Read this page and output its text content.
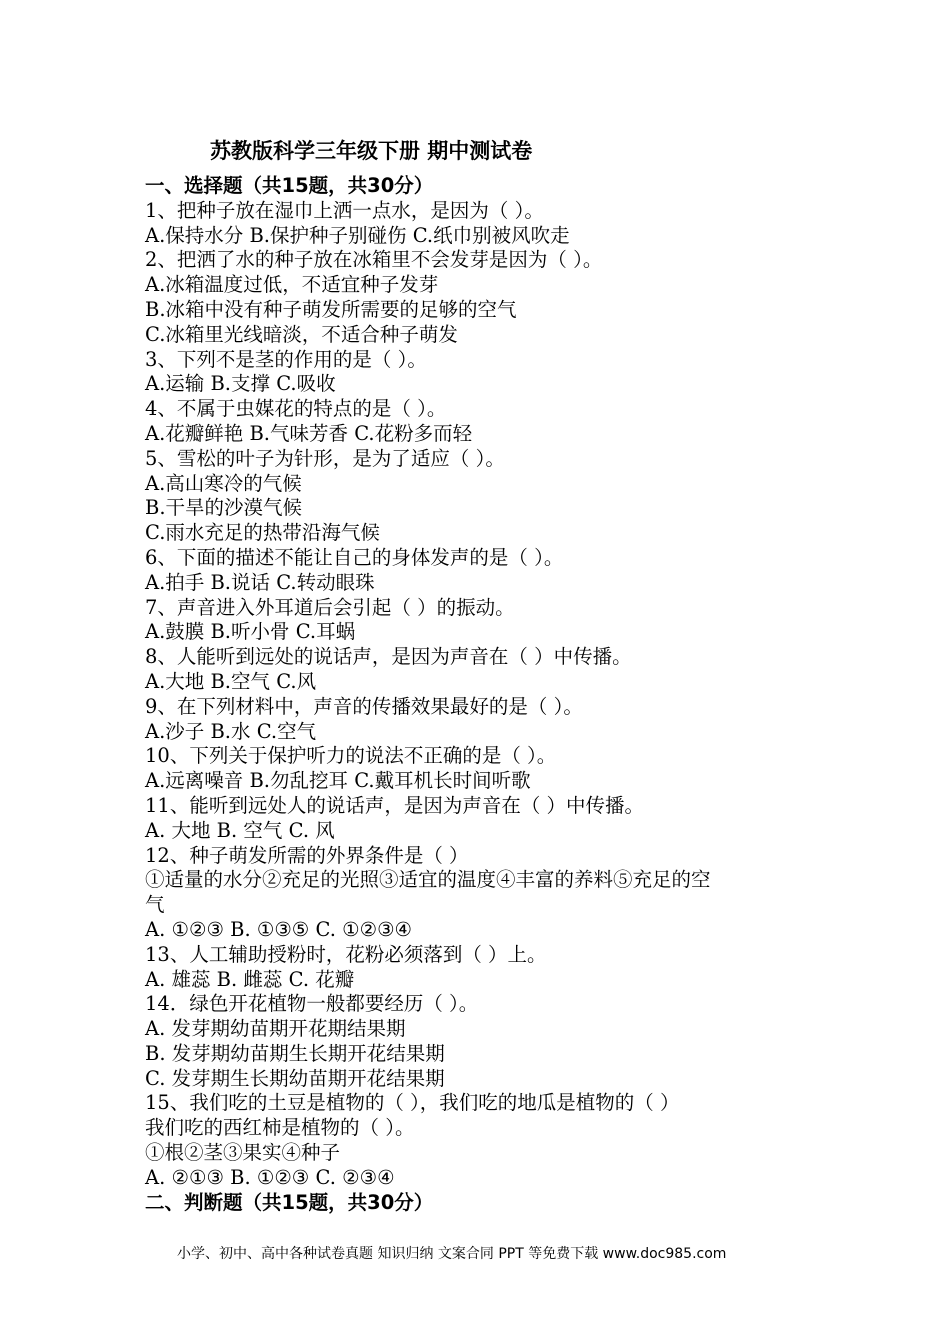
苏教版科学三年级下册 期中测试卷
一、选择题（共15题，共30分）
1、把种子放在湿巾上洒一点水，是因为（ ）。
A.保持水分 B.保护种子别碰伤 C.纸巾别被风吹走
2、把洒了水的种子放在冰箱里不会发芽是因为（ ）。
A.冰箱温度过低，不适宜种子发芽
B.冰箱中没有种子萌发所需要的足够的空气
C.冰箱里光线暗淡，不适合种子萌发
3、下列不是茎的作用的是（ ）。
A.运输 B.支撑 C.吸收
4、不属于虫媒花的特点的是（ ）。
A.花瓣鲜艳 B.气味芳香 C.花粉多而轻
5、雪松的叶子为针形，是为了适应（ ）。
A.高山寒冷的气候
B.干旱的沙漠气候
C.雨水充足的热带沿海气候
6、下面的描述不能让自己的身体发声的是（ ）。
A.拍手 B.说话 C.转动眼珠
7、声音进入外耳道后会引起（ ）的振动。
A.鼓膜 B.听小骨 C.耳蜗
8、人能听到远处的说话声，是因为声音在（ ）中传播。
A.大地 B.空气 C.风
9、在下列材料中，声音的传播效果最好的是（ ）。
A.沙子 B.水 C.空气
10、下列关于保护听力的说法不正确的是（ ）。
A.远离噪音 B.勿乱挖耳 C.戴耳机长时间听歌
11、能听到远处人的说话声，是因为声音在（ ）中传播。
A. 大地 B. 空气 C. 风
12、种子萌发所需的外界条件是（ ）
①适量的水分②充足的光照③适宜的温度④丰富的养料⑤充足的空
气
A. ①②③ B. ①③⑤ C. ①②③④
13、人工辅助授粉时，花粉必须落到（ ）上。
A. 雄蕊 B. 雌蕊 C. 花瓣
14．绿色开花植物一般都要经历（ ）。
A. 发芽期幼苗期开花期结果期
B. 发芽期幼苗期生长期开花结果期
C. 发芽期生长期幼苗期开花结果期
15、我们吃的土豆是植物的（ ），我们吃的地瓜是植物的（ ）
我们吃的西红柿是植物的（ ）。
①根②茎③果实④种子
A. ②①③ B. ①②③ C. ②③④
二、判断题（共15题，共30分）
小学、初中、高中各种试卷真题 知识归纳 文案合同 PPT 等免费下载 www.doc985.com
